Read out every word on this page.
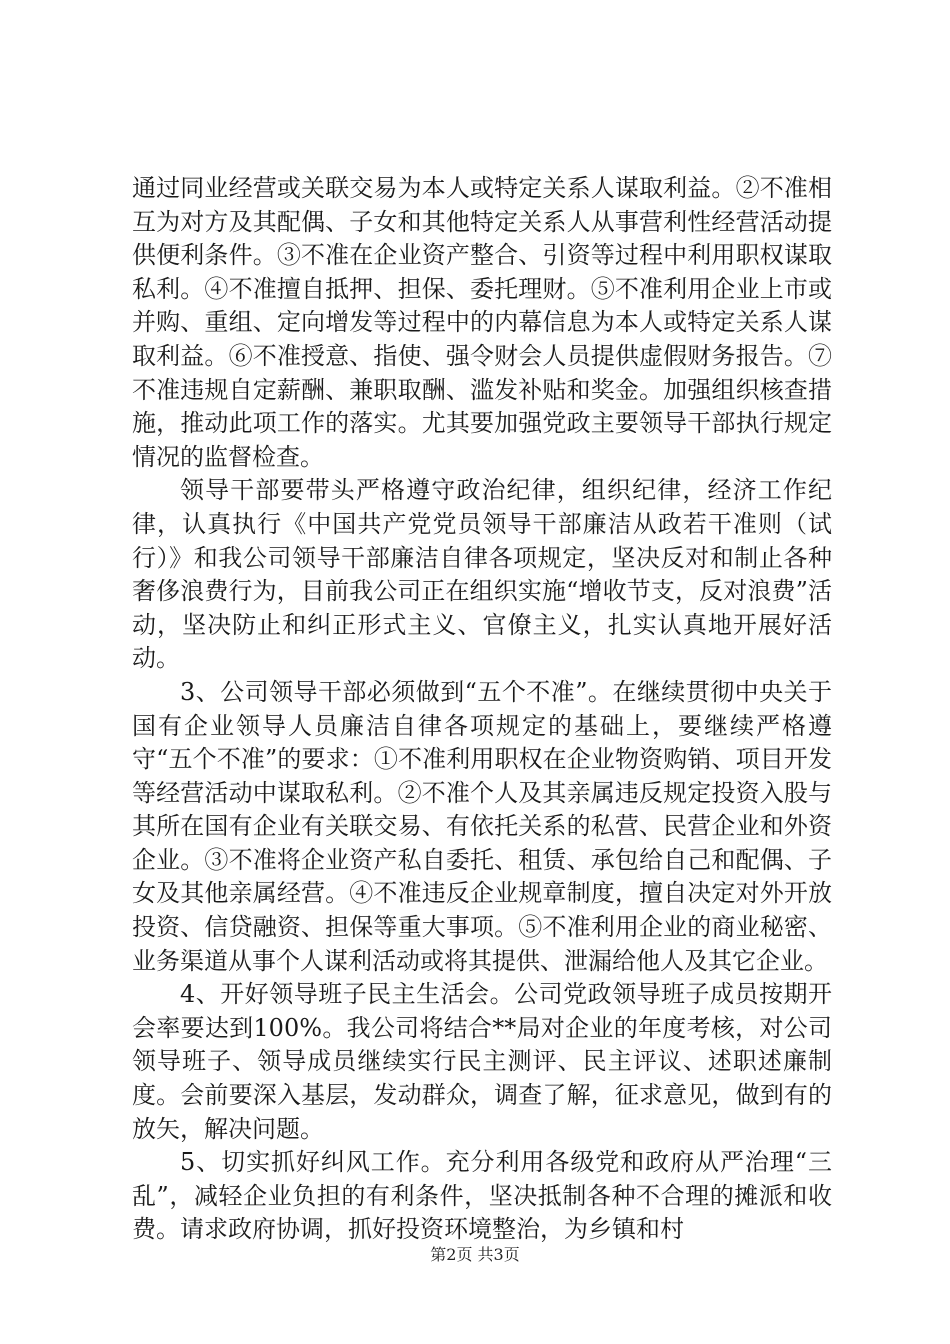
通过同业经营或关联交易为本人或特定关系人谋取利益。②不准相互为对方及其配偶、子女和其他特定关系人从事营利性经营活动提供便利条件。③不准在企业资产整合、引资等过程中利用职权谋取私利。④不准擅自抵押、担保、委托理财。⑤不准利用企业上市或并购、重组、定向增发等过程中的内幕信息为本人或特定关系人谋取利益。⑥不准授意、指使、强令财会人员提供虚假财务报告。⑦不准违规自定薪酬、兼职取酬、滥发补贴和奖金。加强组织核查措施，推动此项工作的落实。尤其要加强党政主要领导干部执行规定情况的监督检查。

领导干部要带头严格遵守政治纪律，组织纪律，经济工作纪律，认真执行《中国共产党党员领导干部廉洁从政若干准则（试行）》和我公司领导干部廉洁自律各项规定，坚决反对和制止各种奢侈浪费行为，目前我公司正在组织实施“增收节支，反对浪费”活动，坚决防止和纠正形式主义、官僚主义，扎实认真地开展好活动。

3、公司领导干部必须做到“五个不准”。在继续贯彻中央关于国有企业领导人员廉洁自律各项规定的基础上，要继续严格遵守“五个不准”的要求：①不准利用职权在企业物资购销、项目开发等经营活动中谋取私利。②不准个人及其亲属违反规定投资入股与其所在国有企业有关联交易、有依托关系的私营、民营企业和外资企业。③不准将企业资产私自委托、租赁、承包给自己和配偶、子女及其他亲属经营。④不准违反企业规章制度，擅自决定对外开放投资、信贷融资、担保等重大事项。⑤不准利用企业的商业秘密、业务渠道从事个人谋利活动或将其提供、泄漏给他人及其它企业。

4、开好领导班子民主生活会。公司党政领导班子成员按期开会率要达到100%。我公司将结合**局对企业的年度考核，对公司领导班子、领导成员继续实行民主测评、民主评议、述职述廉制度。会前要深入基层，发动群众，调查了解，征求意见，做到有的放矢，解决问题。

5、切实抓好纠风工作。充分利用各级党和政府从严治理“三乱”，减轻企业负担的有利条件，坚决抵制各种不合理的摊派和收费。请求政府协调，抓好投资环境整治，为乡镇和村

第2页 共3页
